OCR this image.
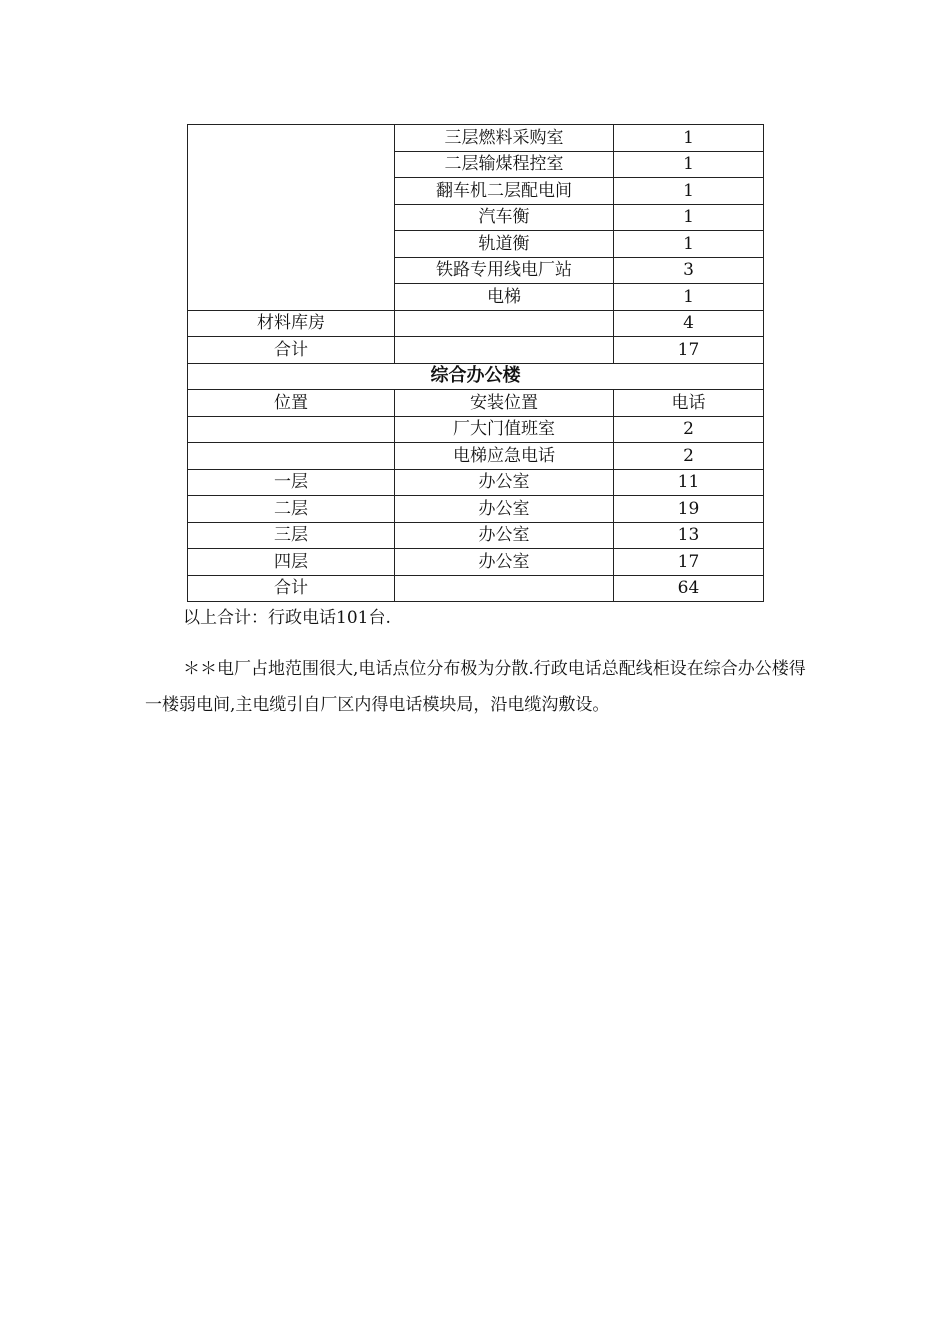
	三层燃料采购室	1
	二层输煤程控室	1
	翻车机二层配电间	1
	汽车衡	1
	轨道衡	1
	铁路专用线电厂站	3
	电梯	1
材料库房		4
合计		17
综合办公楼		
位置	安装位置	电话
	厂大门值班室	2
	电梯应急电话	2
一层	办公室	11
二层	办公室	19
三层	办公室	13
四层	办公室	17
合计		64
以上合计：行政电话101台.

＊＊电厂占地范围很大,电话点位分布极为分散.行政电话总配线柜设在综合办公楼得一楼弱电间,主电缆引自厂区内得电话模块局，沿电缆沟敷设。
